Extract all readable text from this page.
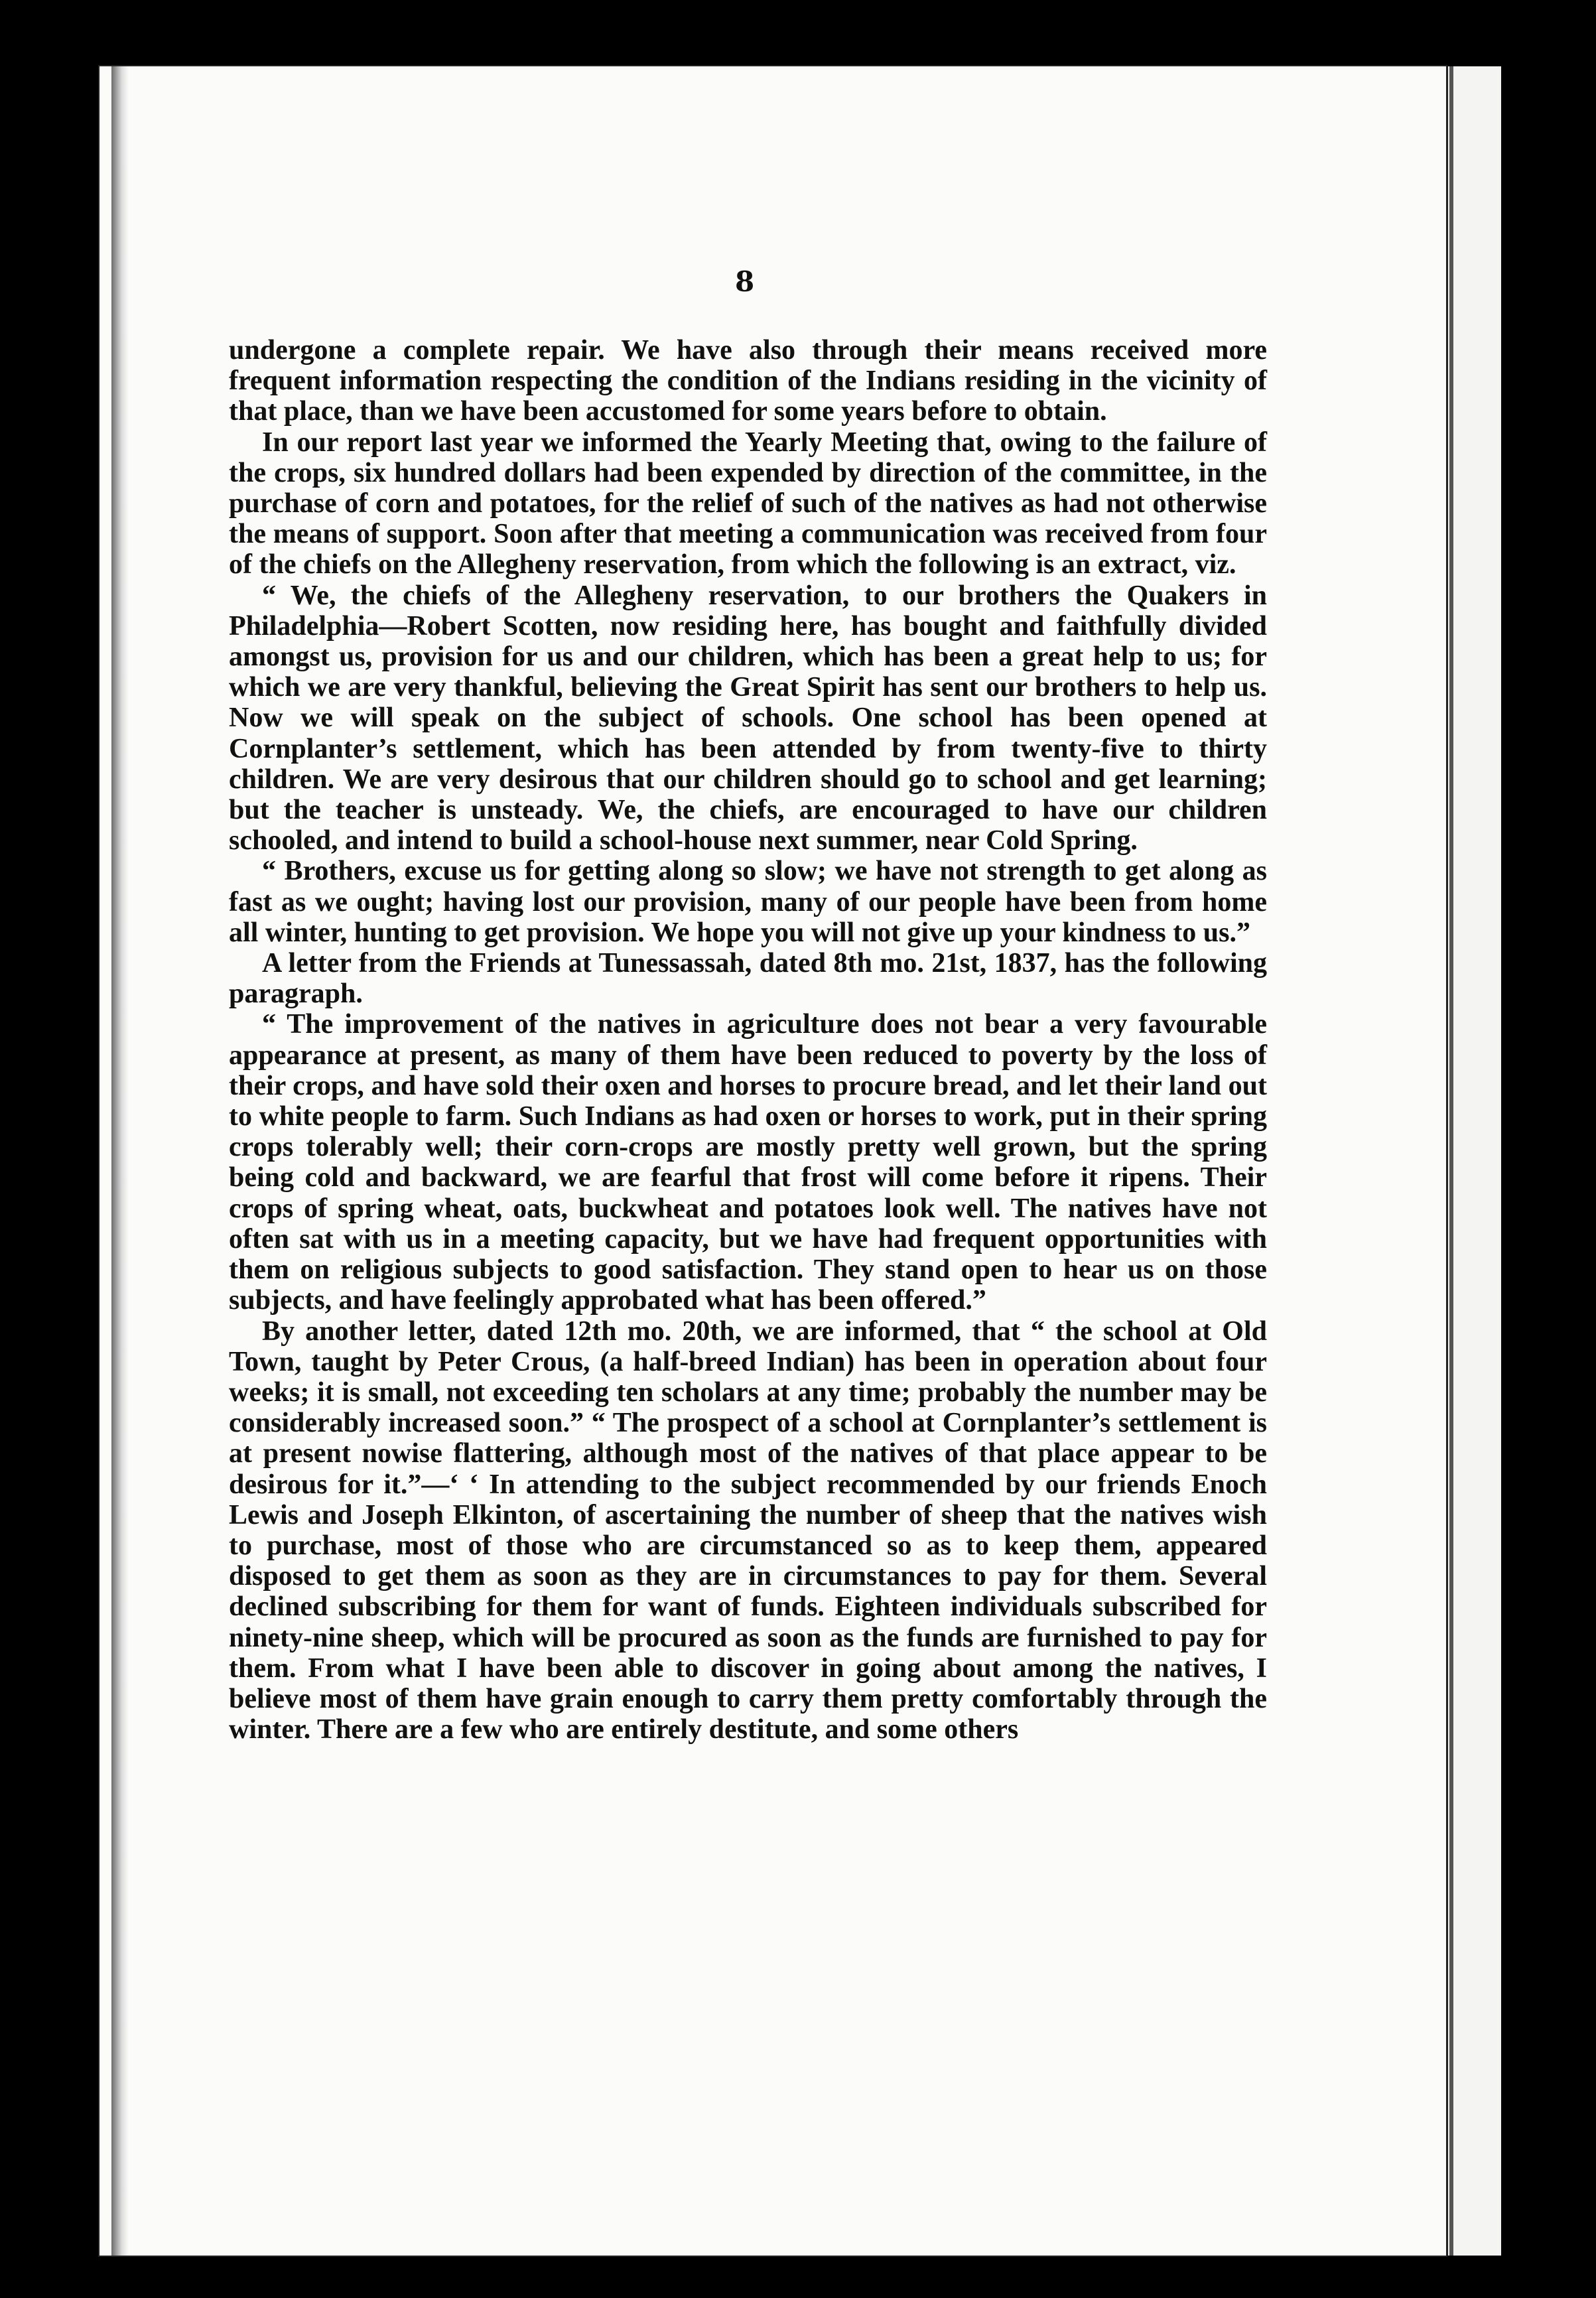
8

undergone a complete repair. We have also through their means received more frequent information respecting the condition of the Indians residing in the vicinity of that place, than we have been accustomed for some years before to obtain.

In our report last year we informed the Yearly Meeting that, owing to the failure of the crops, six hundred dollars had been expended by direction of the committee, in the purchase of corn and potatoes, for the relief of such of the natives as had not otherwise the means of support. Soon after that meeting a communication was received from four of the chiefs on the Allegheny reservation, from which the following is an extract, viz.

“ We, the chiefs of the Allegheny reservation, to our brothers the Quakers in Philadelphia—Robert Scotten, now residing here, has bought and faithfully divided amongst us, provision for us and our children, which has been a great help to us; for which we are very thankful, believing the Great Spirit has sent our brothers to help us. Now we will speak on the subject of schools. One school has been opened at Cornplanter’s settlement, which has been attended by from twenty-five to thirty children. We are very desirous that our children should go to school and get learning; but the teacher is unsteady. We, the chiefs, are encouraged to have our children schooled, and intend to build a school-house next summer, near Cold Spring.

“ Brothers, excuse us for getting along so slow; we have not strength to get along as fast as we ought; having lost our provision, many of our people have been from home all winter, hunting to get provision. We hope you will not give up your kindness to us.”

A letter from the Friends at Tunessassah, dated 8th mo. 21st, 1837, has the following paragraph.

“ The improvement of the natives in agriculture does not bear a very favourable appearance at present, as many of them have been reduced to poverty by the loss of their crops, and have sold their oxen and horses to procure bread, and let their land out to white people to farm. Such Indians as had oxen or horses to work, put in their spring crops tolerably well; their corn-crops are mostly pretty well grown, but the spring being cold and backward, we are fearful that frost will come before it ripens. Their crops of spring wheat, oats, buckwheat and potatoes look well. The natives have not often sat with us in a meeting capacity, but we have had frequent opportunities with them on religious subjects to good satisfaction. They stand open to hear us on those subjects, and have feelingly approbated what has been offered.”

By another letter, dated 12th mo. 20th, we are informed, that “ the school at Old Town, taught by Peter Crous, (a half-breed Indian) has been in operation about four weeks; it is small, not exceeding ten scholars at any time; probably the number may be considerably increased soon.” “ The prospect of a school at Cornplanter’s settlement is at present nowise flattering, although most of the natives of that place appear to be desirous for it.”—‘ ‘ In attending to the subject recommended by our friends Enoch Lewis and Joseph Elkinton, of ascertaining the number of sheep that the natives wish to purchase, most of those who are circumstanced so as to keep them, appeared disposed to get them as soon as they are in circumstances to pay for them. Several declined subscribing for them for want of funds. Eighteen individuals subscribed for ninety-nine sheep, which will be procured as soon as the funds are furnished to pay for them. From what I have been able to discover in going about among the natives, I believe most of them have grain enough to carry them pretty comfortably through the winter. There are a few who are entirely destitute, and some others
